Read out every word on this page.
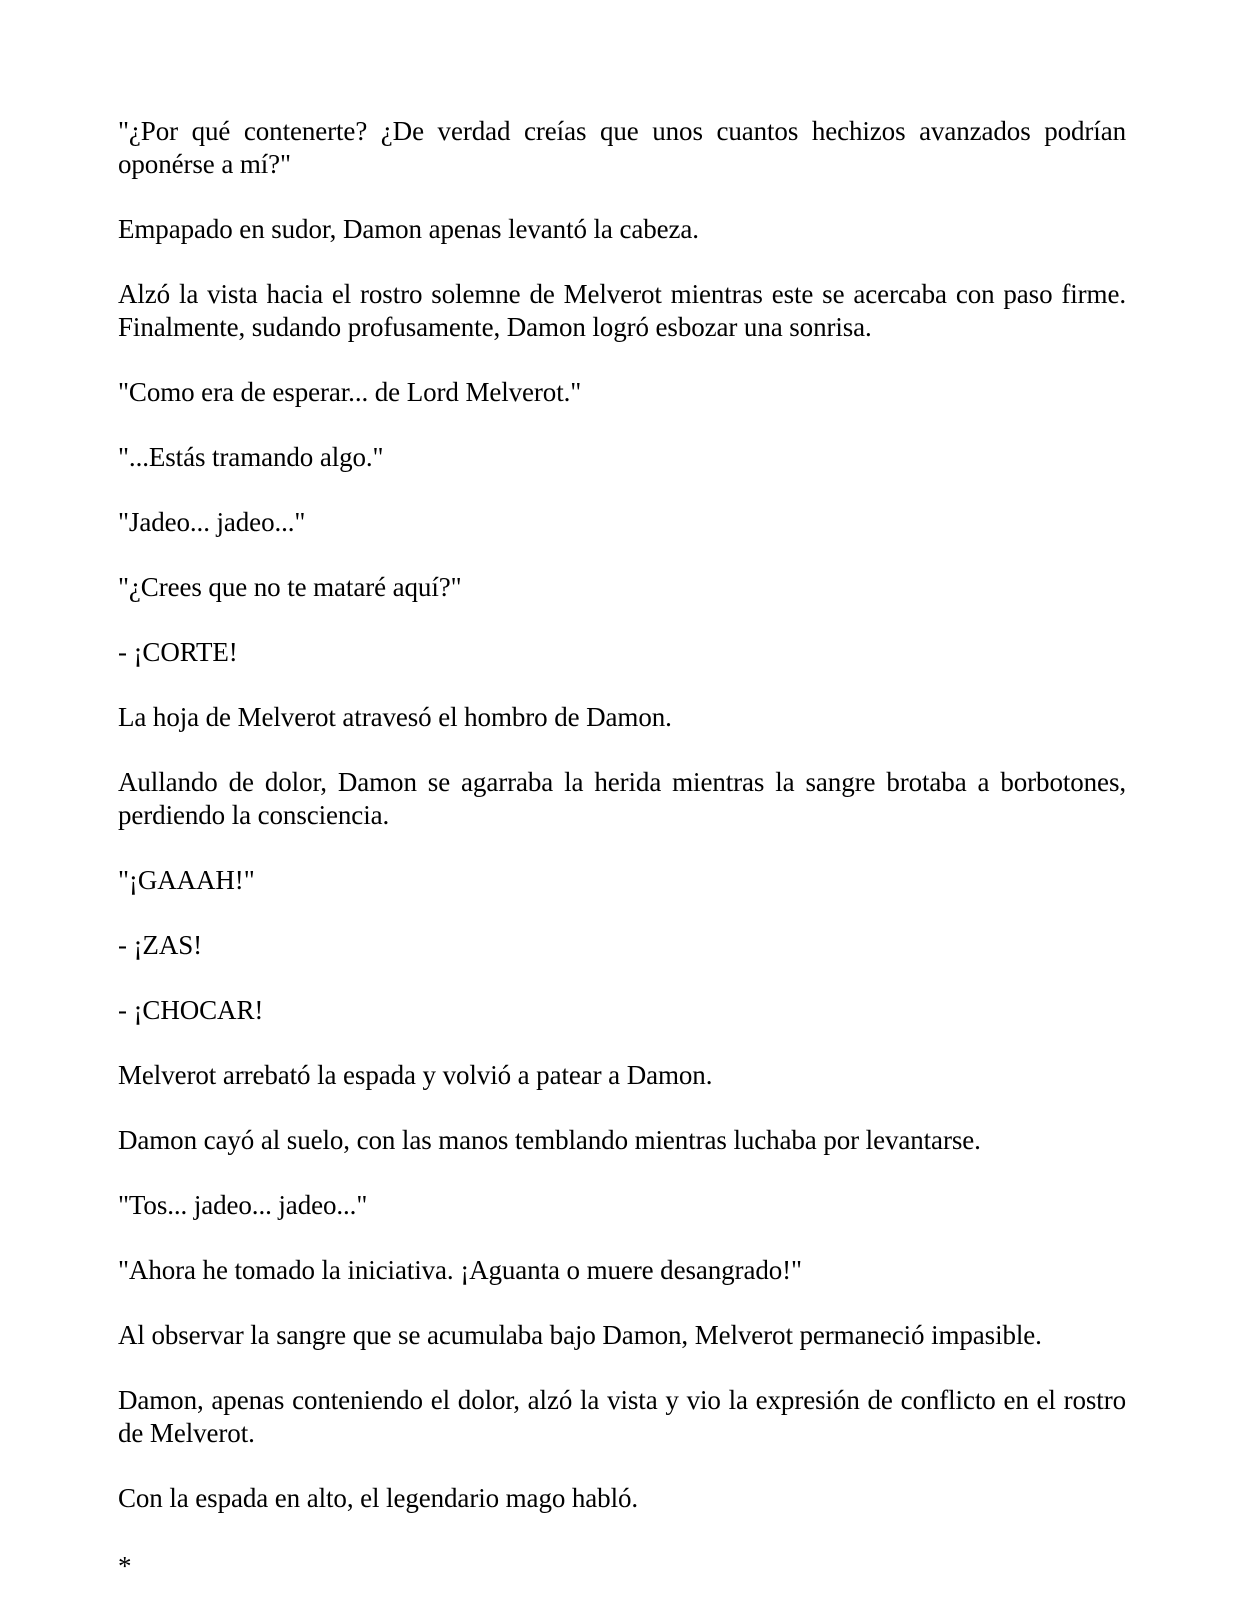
"¿Por qué contenerte? ¿De verdad creías que unos cuantos hechizos avanzados podrían oponérse a mí?"

Empapado en sudor, Damon apenas levantó la cabeza.

Alzó la vista hacia el rostro solemne de Melverot mientras este se acercaba con paso firme. Finalmente, sudando profusamente, Damon logró esbozar una sonrisa.

"Como era de esperar... de Lord Melverot."

"...Estás tramando algo."

"Jadeo... jadeo..."

"¿Crees que no te mataré aquí?"

- ¡CORTE!

La hoja de Melverot atravesó el hombro de Damon.

Aullando de dolor, Damon se agarraba la herida mientras la sangre brotaba a borbotones, perdiendo la consciencia.

"¡GAAAH!"

- ¡ZAS!

- ¡CHOCAR!

Melverot arrebató la espada y volvió a patear a Damon.

Damon cayó al suelo, con las manos temblando mientras luchaba por levantarse.

"Tos... jadeo... jadeo..."

"Ahora he tomado la iniciativa. ¡Aguanta o muere desangrado!"

Al observar la sangre que se acumulaba bajo Damon, Melverot permaneció impasible.

Damon, apenas conteniendo el dolor, alzó la vista y vio la expresión de conflicto en el rostro de Melverot.

Con la espada en alto, el legendario mago habló.

*
